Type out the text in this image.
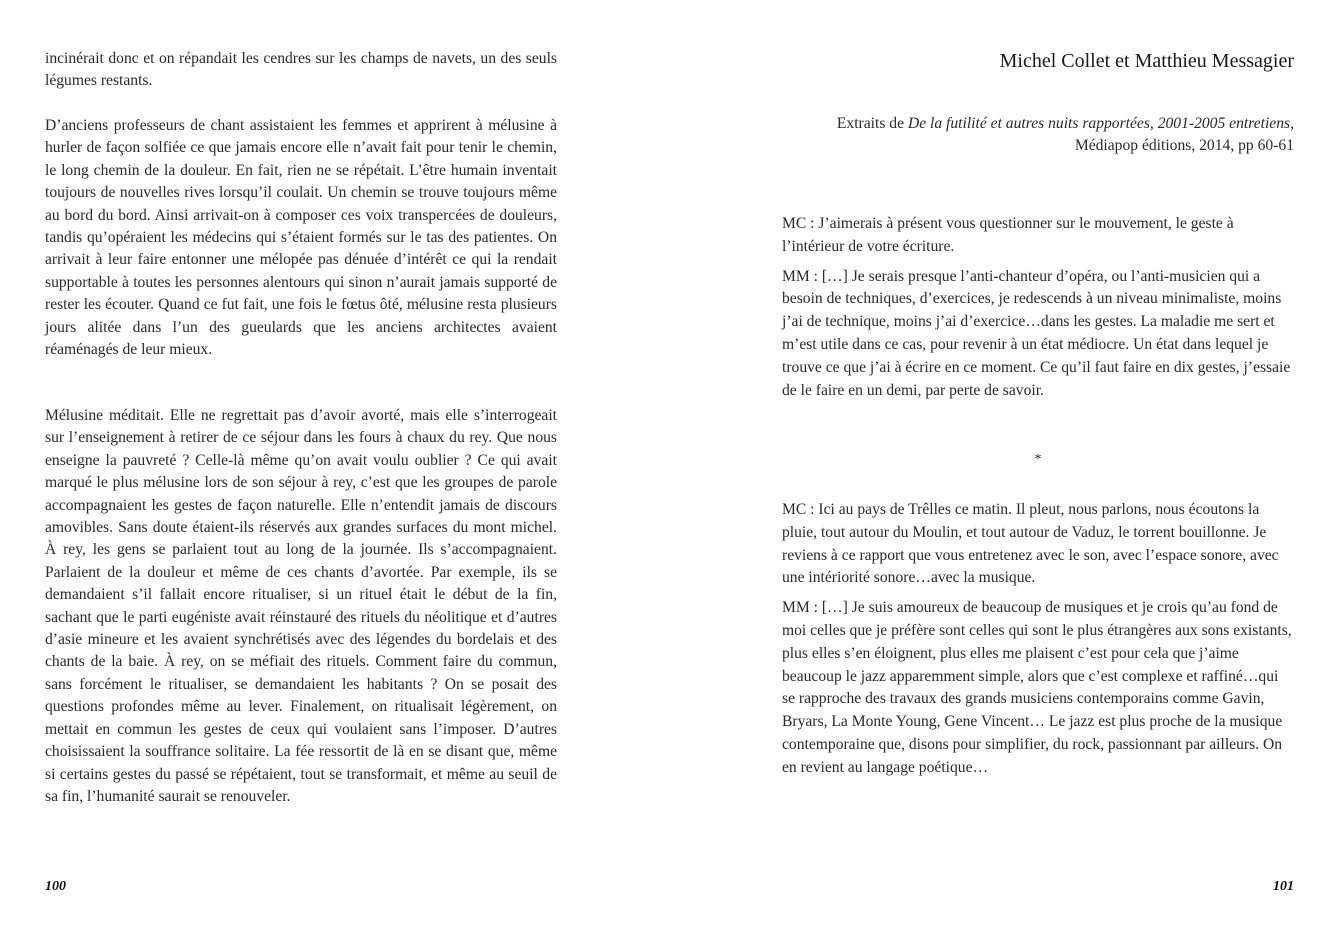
incinérait donc et on répandait les cendres sur les champs de navets, un des seuls légumes restants.

D’anciens professeurs de chant assistaient les femmes et apprirent à mélusine à hurler de façon solfiée ce que jamais encore elle n’avait fait pour tenir le chemin, le long chemin de la douleur. En fait, rien ne se répétait. L’être humain inventait toujours de nouvelles rives lorsqu’il coulait. Un chemin se trouve toujours même au bord du bord. Ainsi arrivait-on à composer ces voix transpercées de douleurs, tandis qu’opéraient les médecins qui s’étaient formés sur le tas des patientes. On arrivait à leur faire entonner une mélopée pas dénuée d’intérêt ce qui la rendait supportable à toutes les personnes alentours qui sinon n’aurait jamais supporté de rester les écouter. Quand ce fut fait, une fois le fœtus ôté, mélusine resta plusieurs jours alitée dans l’un des gueulards que les anciens architectes avaient réaménagés de leur mieux.

Mélusine méditait. Elle ne regrettait pas d’avoir avorté, mais elle s’interrogeait sur l’enseignement à retirer de ce séjour dans les fours à chaux du rey. Que nous enseigne la pauvreté ? Celle-là même qu’on avait voulu oublier ? Ce qui avait marqué le plus mélusine lors de son séjour à rey, c’est que les groupes de parole accompagnaient les gestes de façon naturelle. Elle n’entendit jamais de discours amovibles. Sans doute étaient-ils réservés aux grandes surfaces du mont michel. À rey, les gens se parlaient tout au long de la journée. Ils s’accompagnaient. Parlaient de la douleur et même de ces chants d’avortée. Par exemple, ils se demandaient s’il fallait encore ritualiser, si un rituel était le début de la fin, sachant que le parti eugéniste avait réinstauré des rituels du néolitique et d’autres d’asie mineure et les avaient synchrétisés avec des légendes du bordelais et des chants de la baie. À rey, on se méfiait des rituels. Comment faire du commun, sans forcément le ritualiser, se demandaient les habitants ? On se posait des questions profondes même au lever. Finalement, on ritualisait légèrement, on mettait en commun les gestes de ceux qui voulaient sans l’imposer. D’autres choisissaient la souffrance solitaire. La fée ressortit de là en se disant que, même si certains gestes du passé se répétaient, tout se transformait, et même au seuil de sa fin, l’humanité saurait se renouveler.

100
Michel Collet et Matthieu Messagier
Extraits de De la futilité et autres nuits rapportées, 2001-2005 entretiens,
Médiapop éditions, 2014, pp 60-61

MC : J’aimerais à présent vous questionner sur le mouvement, le geste à l’intérieur de votre écriture.

MM : […] Je serais presque l’anti-chanteur d’opéra, ou l’anti-musicien qui a besoin de techniques, d’exercices, je redescends à un niveau minimaliste, moins j’ai de technique, moins j’ai d’exercice…dans les gestes. La maladie me sert et m’est utile dans ce cas, pour revenir à un état médiocre. Un état dans lequel je trouve ce que j’ai à écrire en ce moment. Ce qu’il faut faire en dix gestes, j’essaie de le faire en un demi, par perte de savoir.

*

MC : Ici au pays de Trêlles ce matin. Il pleut, nous parlons, nous écoutons la pluie, tout autour du Moulin, et tout autour de Vaduz, le torrent bouillonne. Je reviens à ce rapport que vous entretenez avec le son, avec l’espace sonore, avec une intériorité sonore…avec la musique.

MM : […] Je suis amoureux de beaucoup de musiques et je crois qu’au fond de moi celles que je préfère sont celles qui sont le plus étrangères aux sons existants, plus elles s’en éloignent, plus elles me plaisent c’est pour cela que j’aime beaucoup le jazz apparemment simple, alors que c’est complexe et raffiné…qui se rapproche des travaux des grands musiciens contemporains comme Gavin, Bryars, La Monte Young, Gene Vincent… Le jazz est plus proche de la musique contemporaine que, disons pour simplifier, du rock, passionnant par ailleurs. On en revient au langage poétique…

101
